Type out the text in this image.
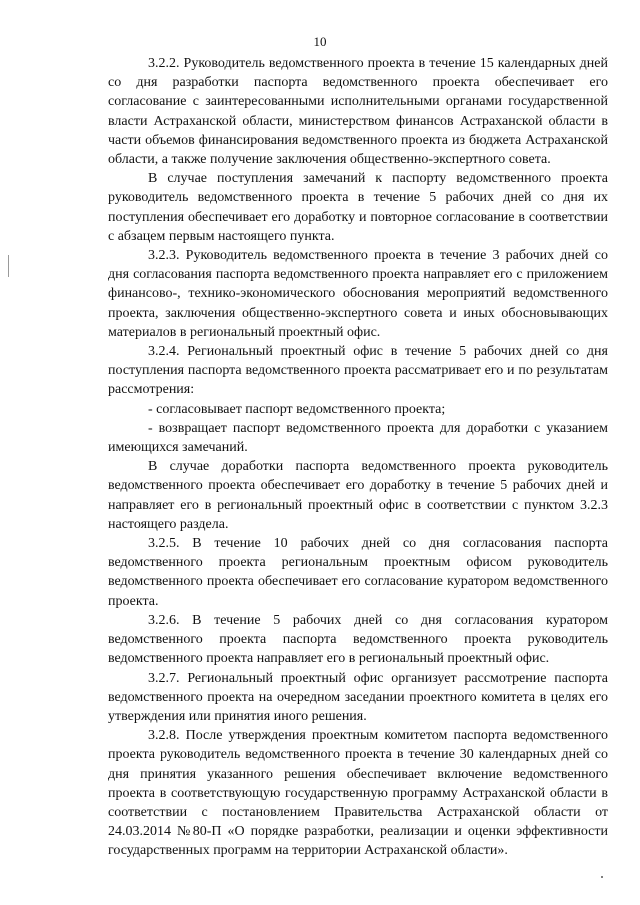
10

3.2.2. Руководитель ведомственного проекта в течение 15 календарных дней со дня разработки паспорта ведомственного проекта обеспечивает его согласование с заинтересованными исполнительными органами государственной власти Астраханской области, министерством финансов Астраханской области в части объемов финансирования ведомственного проекта из бюджета Астраханской области, а также получение заключения общественно-экспертного совета.

В случае поступления замечаний к паспорту ведомственного проекта руководитель ведомственного проекта в течение 5 рабочих дней со дня их поступления обеспечивает его доработку и повторное согласование в соответствии с абзацем первым настоящего пункта.

3.2.3. Руководитель ведомственного проекта в течение 3 рабочих дней со дня согласования паспорта ведомственного проекта направляет его с приложением финансово-, технико-экономического обоснования мероприятий ведомственного проекта, заключения общественно-экспертного совета и иных обосновывающих материалов в региональный проектный офис.

3.2.4. Региональный проектный офис в течение 5 рабочих дней со дня поступления паспорта ведомственного проекта рассматривает его и по результатам рассмотрения:

- согласовывает паспорт ведомственного проекта;

- возвращает паспорт ведомственного проекта для доработки с указанием имеющихся замечаний.

В случае доработки паспорта ведомственного проекта руководитель ведомственного проекта обеспечивает его доработку в течение 5 рабочих дней и направляет его в региональный проектный офис в соответствии с пунктом 3.2.3 настоящего раздела.

3.2.5. В течение 10 рабочих дней со дня согласования паспорта ведомственного проекта региональным проектным офисом руководитель ведомственного проекта обеспечивает его согласование куратором ведомственного проекта.

3.2.6. В течение 5 рабочих дней со дня согласования куратором ведомственного проекта паспорта ведомственного проекта руководитель ведомственного проекта направляет его в региональный проектный офис.

3.2.7. Региональный проектный офис организует рассмотрение паспорта ведомственного проекта на очередном заседании проектного комитета в целях его утверждения или принятия иного решения.

3.2.8. После утверждения проектным комитетом паспорта ведомственного проекта руководитель ведомственного проекта в течение 30 календарных дней со дня принятия указанного решения обеспечивает включение ведомственного проекта в соответствующую государственную программу Астраханской области в соответствии с постановлением Правительства Астраханской области от 24.03.2014 №80-П «О порядке разработки, реализации и оценки эффективности государственных программ на территории Астраханской области».
